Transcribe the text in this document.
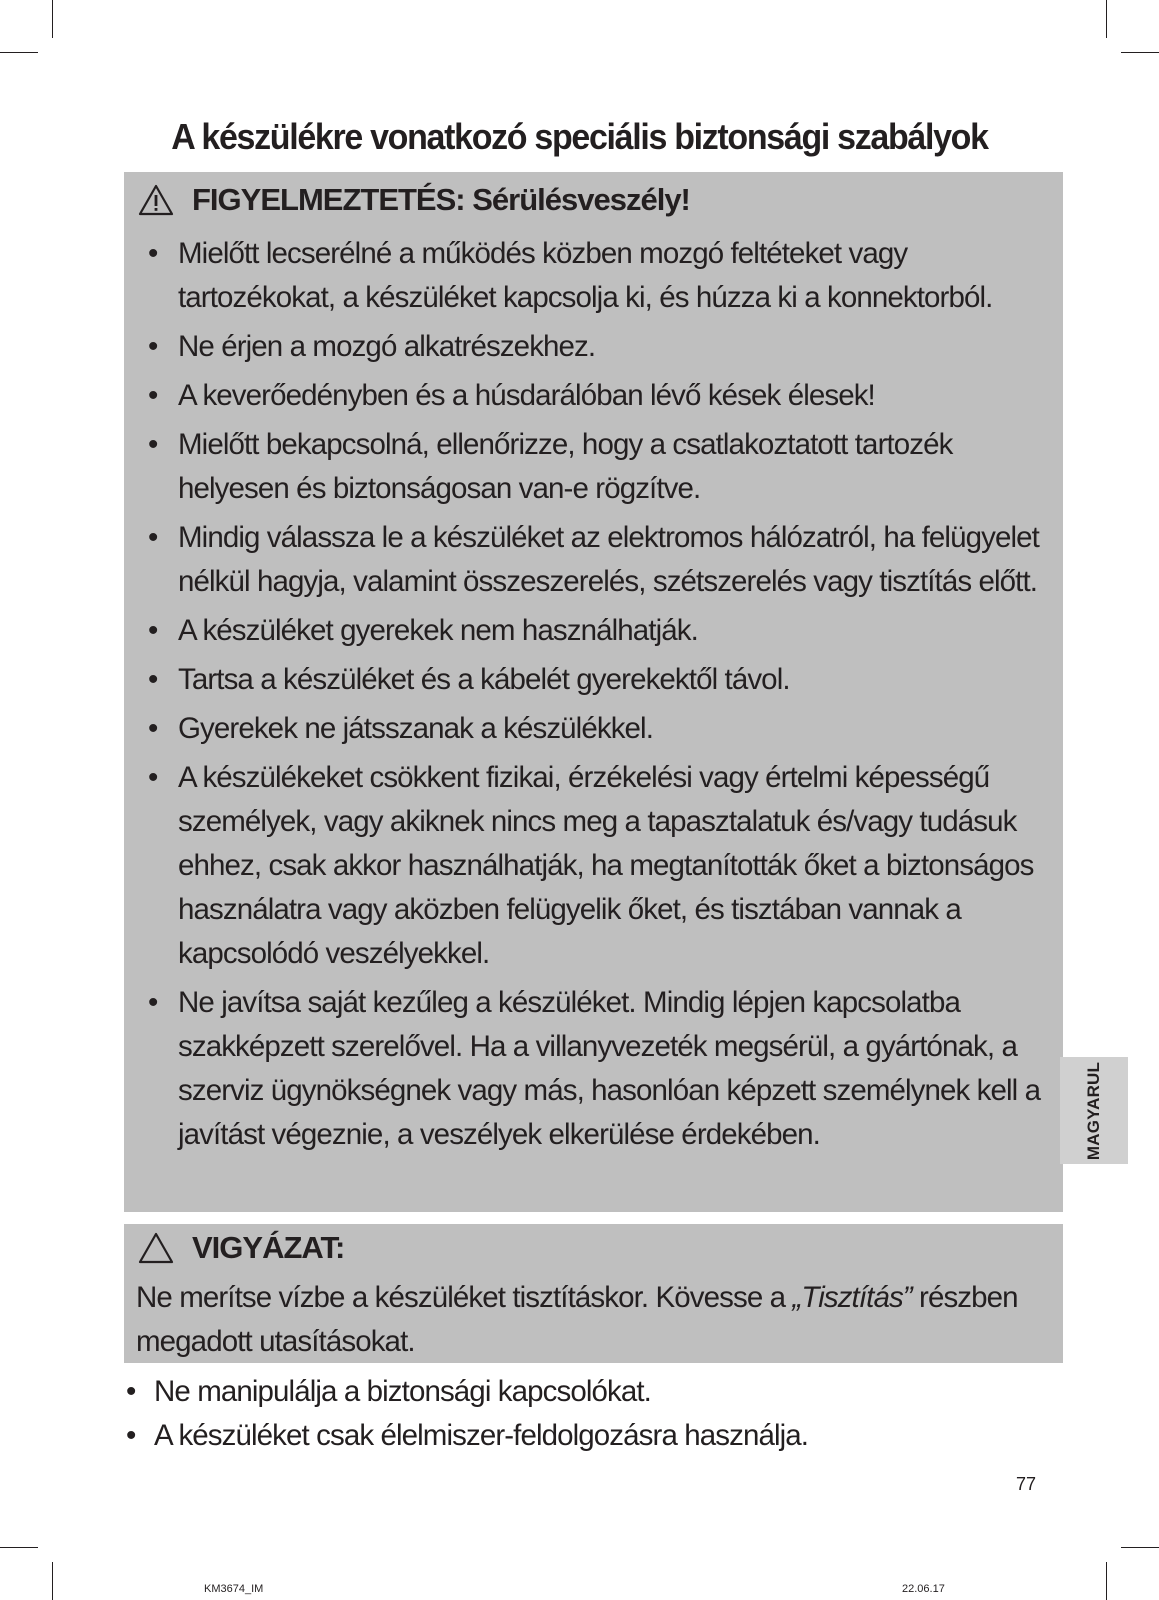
A készülékre vonatkozó speciális biztonsági szabályok
FIGYELMEZTETÉS: Sérülésveszély!
• Mielőtt lecserélné a működés közben mozgó feltéteket vagy tartozékokat, a készüléket kapcsolja ki, és húzza ki a konnektorból.
• Ne érjen a mozgó alkatrészekhez.
• A keverőedényben és a húsdarálóban lévő kések élesek!
• Mielőtt bekapcsolná, ellenőrizze, hogy a csatlakoztatott tartozék helyesen és biztonságosan van-e rögzítve.
• Mindig válassza le a készüléket az elektromos hálózatról, ha felügyelet nélkül hagyja, valamint összeszerelés, szétszerelés vagy tisztítás előtt.
• A készüléket gyerekek nem használhatják.
• Tartsa a készüléket és a kábelét gyerekektől távol.
• Gyerekek ne játsszanak a készülékkel.
• A készülékeket csökkent fizikai, érzékelési vagy értelmi képességű személyek, vagy akiknek nincs meg a tapasztalatuk és/vagy tudásuk ehhez, csak akkor használhatják, ha megtanították őket a biztonságos használatra vagy aközben felügyelik őket, és tisztában vannak a kapcsolódó veszélyekkel.
• Ne javítsa saját kezűleg a készüléket. Mindig lépjen kapcsolatba szakképzett szerelővel. Ha a villanyvezeték megsérül, a gyártónak, a szerviz ügynökségnek vagy más, hasonlóan képzett személynek kell a javítást végeznie, a veszélyek elkerülése érdekében.
VIGYÁZAT:
Ne merítse vízbe a készüléket tisztításkor. Kövesse a „Tisztítás” részben megadott utasításokat.
• Ne manipulálja a biztonsági kapcsolókat.
• A készüléket csak élelmiszer-feldolgozásra használja.
MAGYARUL
77
KM3674_IM	22.06.17
